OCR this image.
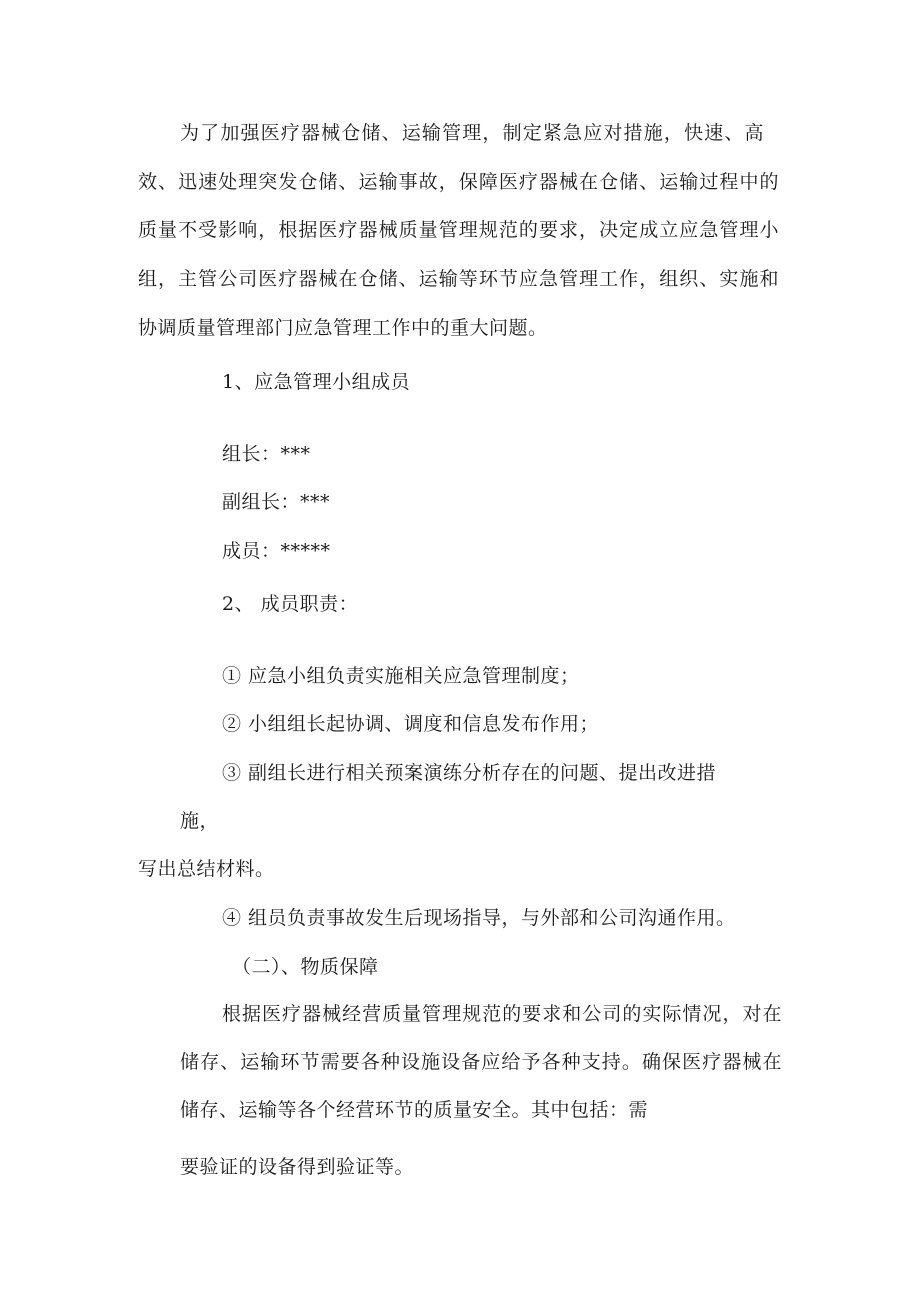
为了加强医疗器械仓储、运输管理，制定紧急应对措施，快速、高
效、迅速处理突发仓储、运输事故，保障医疗器械在仓储、运输过程中的
质量不受影响，根据医疗器械质量管理规范的要求，决定成立应急管理小
组，主管公司医疗器械在仓储、运输等环节应急管理工作，组织、实施和
协调质量管理部门应急管理工作中的重大问题。
1、应急管理小组成员
组长：***
副组长：***
成员：*****
2、 成员职责：
① 应急小组负责实施相关应急管理制度；
② 小组组长起协调、调度和信息发布作用；
③ 副组长进行相关预案演练分析存在的问题、提出改进措
施，
写出总结材料。
④ 组员负责事故发生后现场指导，与外部和公司沟通作用。
（二）、物质保障
根据医疗器械经营质量管理规范的要求和公司的实际情况，对在
储存、运输环节需要各种设施设备应给予各种支持。确保医疗器械在
储存、运输等各个经营环节的质量安全。其中包括：需
要验证的设备得到验证等。
